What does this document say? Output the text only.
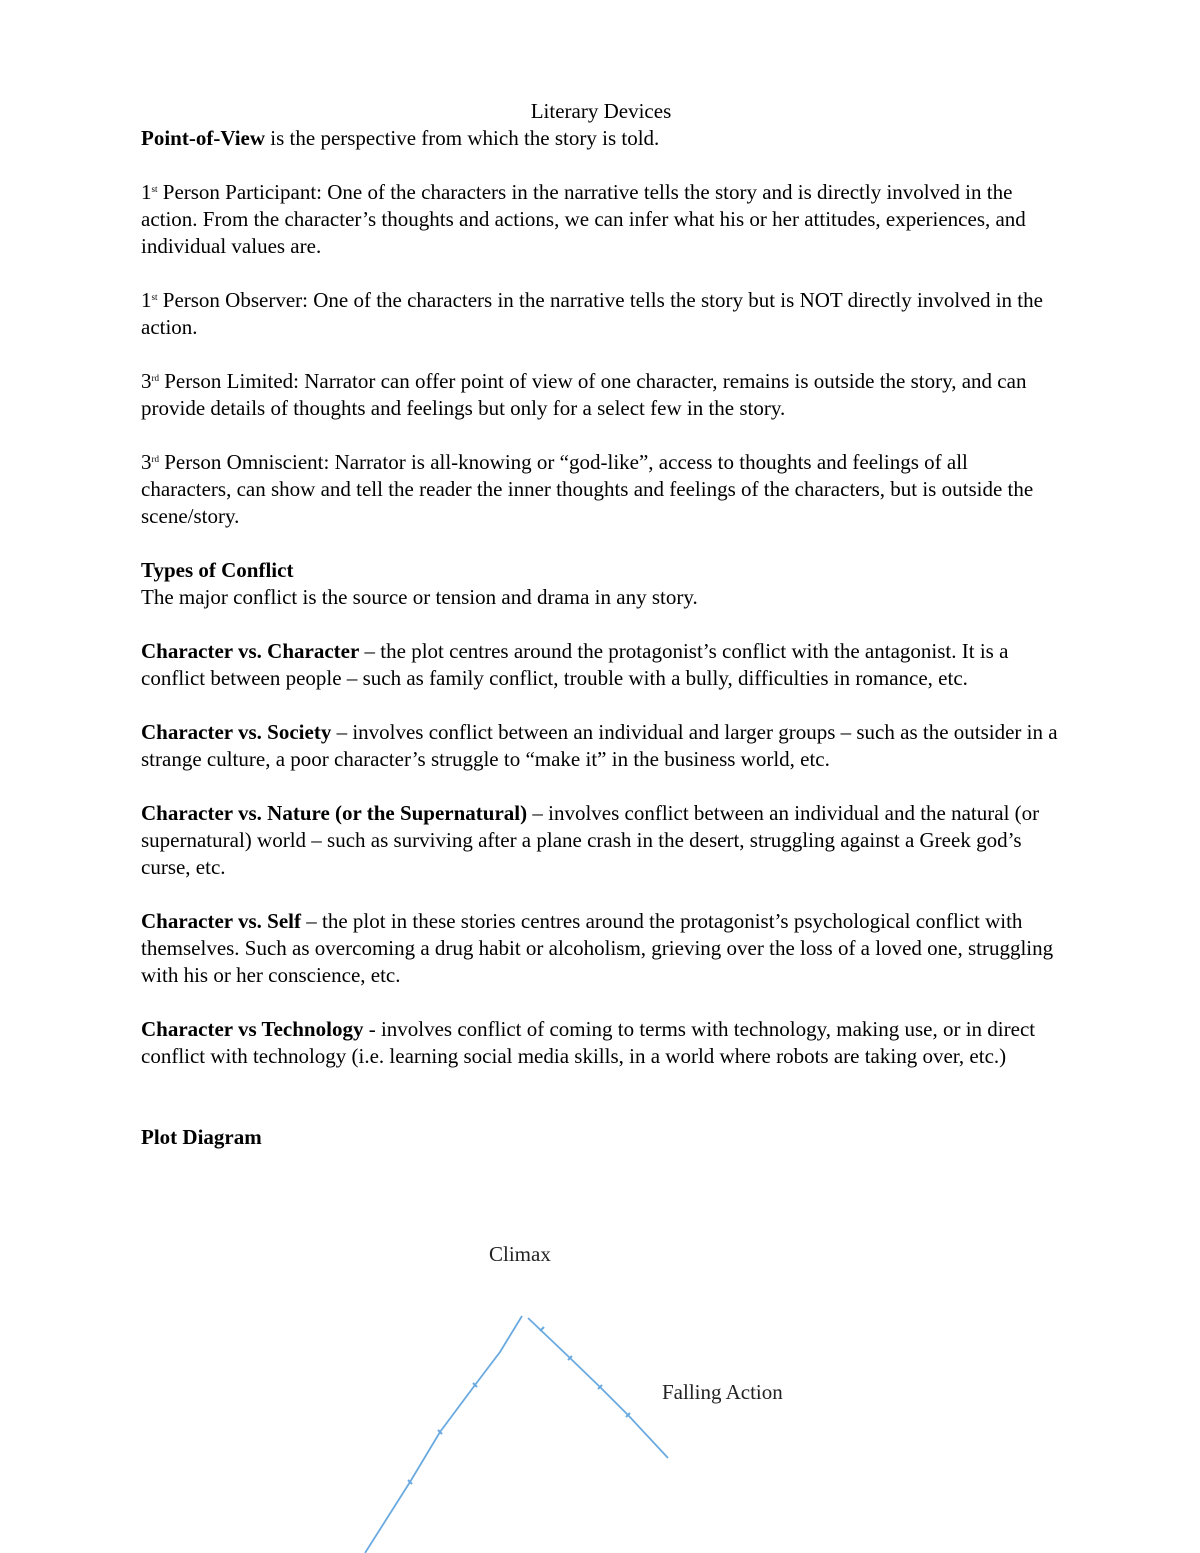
Literary Devices

Point-of-View is the perspective from which the story is told.

1st Person Participant: One of the characters in the narrative tells the story and is directly involved in the action. From the character’s thoughts and actions, we can infer what his or her attitudes, experiences, and individual values are.

1st Person Observer: One of the characters in the narrative tells the story but is NOT directly involved in the action.

3rd Person Limited: Narrator can offer point of view of one character, remains is outside the story, and can provide details of thoughts and feelings but only for a select few in the story.

3rd Person Omniscient: Narrator is all-knowing or “god-like”, access to thoughts and feelings of all characters, can show and tell the reader the inner thoughts and feelings of the characters, but is outside the scene/story.

Types of Conflict

The major conflict is the source or tension and drama in any story.

Character vs. Character – the plot centres around the protagonist’s conflict with the antagonist. It is a conflict between people – such as family conflict, trouble with a bully, difficulties in romance, etc.

Character vs. Society – involves conflict between an individual and larger groups – such as the outsider in a strange culture, a poor character’s struggle to “make it” in the business world, etc.

Character vs. Nature (or the Supernatural) – involves conflict between an individual and the natural (or supernatural) world – such as surviving after a plane crash in the desert, struggling against a Greek god’s curse, etc.

Character vs. Self – the plot in these stories centres around the protagonist’s psychological conflict with themselves. Such as overcoming a drug habit or alcoholism, grieving over the loss of a loved one, struggling with his or her conscience, etc.

Character vs Technology - involves conflict of coming to terms with technology, making use, or in direct conflict with technology (i.e. learning social media skills, in a world where robots are taking over, etc.)

Plot Diagram

Climax
Falling Action
